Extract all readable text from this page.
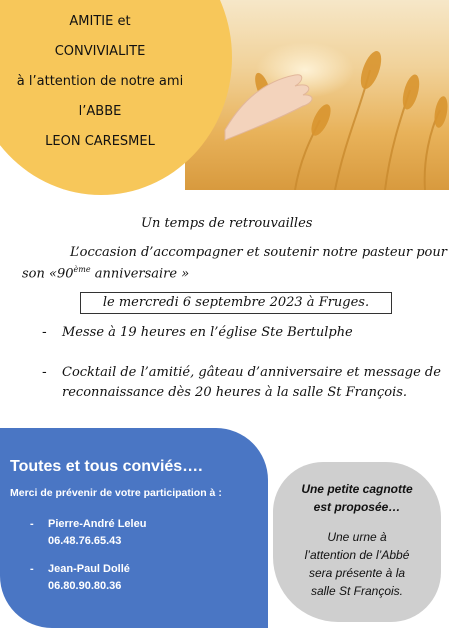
AMITIE et
CONVIVIALITE
à l’attention de notre ami
l’ABBE
LEON CARESMEL
Un temps de retrouvailles
L’occasion d’accompagner et soutenir notre pasteur pour
son «90ème anniversaire »
le mercredi 6 septembre 2023 à Fruges.
- Messe à 19 heures en l’église Ste Bertulphe
- Cocktail de l’amitié, gâteau d’anniversaire et message de
reconnaissance dès 20 heures à la salle St François.
Toutes et tous conviés….
Merci de prévenir de votre participation à :
- Pierre-André Leleu
06.48.76.65.43
- Jean-Paul Dollé
06.80.90.80.36
Une petite cagnotte
est proposée…
Une urne à
l’attention de l’Abbé
sera présente à la
salle St François.
